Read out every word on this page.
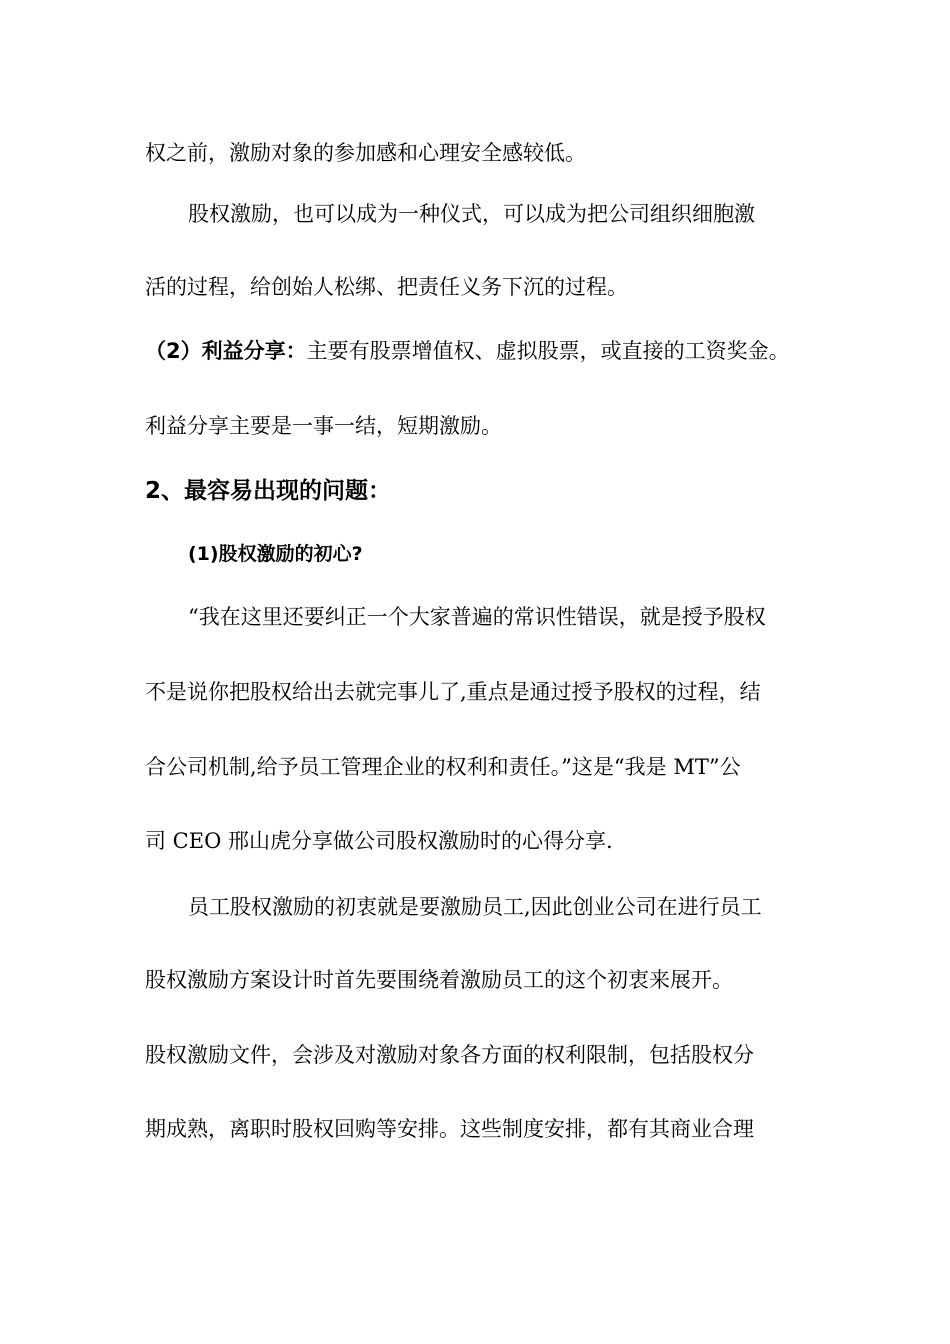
权之前，激励对象的参加感和心理安全感较低。
股权激励，也可以成为一种仪式，可以成为把公司组织细胞激
活的过程，给创始人松绑、把责任义务下沉的过程。
（2）利益分享：主要有股票增值权、虚拟股票，或直接的工资奖金。
利益分享主要是一事一结，短期激励。
2、最容易出现的问题：
(1)股权激励的初心?
“我在这里还要纠正一个大家普遍的常识性错误，就是授予股权
不是说你把股权给出去就完事儿了,重点是通过授予股权的过程，结
合公司机制,给予员工管理企业的权利和责任。”这是“我是 MT”公
司 CEO 邢山虎分享做公司股权激励时的心得分享.
员工股权激励的初衷就是要激励员工,因此创业公司在进行员工
股权激励方案设计时首先要围绕着激励员工的这个初衷来展开。
股权激励文件，会涉及对激励对象各方面的权利限制，包括股权分
期成熟，离职时股权回购等安排。这些制度安排，都有其商业合理
